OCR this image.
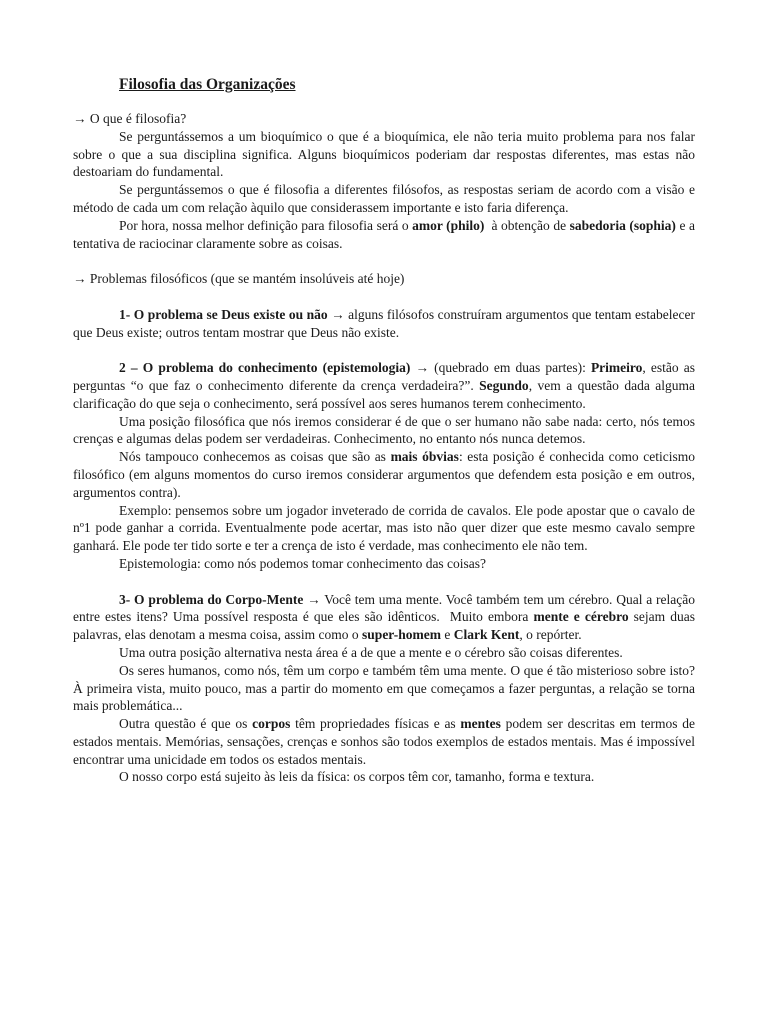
Filosofia das Organizações

→ O que é filosofia?

Se perguntássemos a um bioquímico o que é a bioquímica, ele não teria muito problema para nos falar sobre o que a sua disciplina significa. Alguns bioquímicos poderiam dar respostas diferentes, mas estas não destoariam do fundamental.

Se perguntássemos o que é filosofia a diferentes filósofos, as respostas seriam de acordo com a visão e método de cada um com relação àquilo que considerassem importante e isto faria diferença.

Por hora, nossa melhor definição para filosofia será o amor (philo)  à obtenção de sabedoria (sophia) e a tentativa de raciocinar claramente sobre as coisas.

→ Problemas filosóficos (que se mantém insolúveis até hoje)

1- O problema se Deus existe ou não → alguns filósofos construíram argumentos que tentam estabelecer que Deus existe; outros tentam mostrar que Deus não existe.

2 – O problema do conhecimento (epistemologia) → (quebrado em duas partes): Primeiro, estão as perguntas “o que faz o conhecimento diferente da crença verdadeira?”. Segundo, vem a questão dada alguma clarificação do que seja o conhecimento, será possível aos seres humanos terem conhecimento.

Uma posição filosófica que nós iremos considerar é de que o ser humano não sabe nada: certo, nós temos crenças e algumas delas podem ser verdadeiras. Conhecimento, no entanto nós nunca detemos.

Nós tampouco conhecemos as coisas que são as mais óbvias: esta posição é conhecida como ceticismo filosófico (em alguns momentos do curso iremos considerar argumentos que defendem esta posição e em outros, argumentos contra).

Exemplo: pensemos sobre um jogador inveterado de corrida de cavalos. Ele pode apostar que o cavalo de nº1 pode ganhar a corrida. Eventualmente pode acertar, mas isto não quer dizer que este mesmo cavalo sempre ganhará. Ele pode ter tido sorte e ter a crença de isto é verdade, mas conhecimento ele não tem.

Epistemologia: como nós podemos tomar conhecimento das coisas?

3- O problema do Corpo-Mente → Você tem uma mente. Você também tem um cérebro. Qual a relação entre estes itens? Uma possível resposta é que eles são idênticos.  Muito embora mente e cérebro sejam duas palavras, elas denotam a mesma coisa, assim como o super-homem e Clark Kent, o repórter.

Uma outra posição alternativa nesta área é a de que a mente e o cérebro são coisas diferentes.

Os seres humanos, como nós, têm um corpo e também têm uma mente. O que é tão misterioso sobre isto? À primeira vista, muito pouco, mas a partir do momento em que começamos a fazer perguntas, a relação se torna mais problemática...

Outra questão é que os corpos têm propriedades físicas e as mentes podem ser descritas em termos de estados mentais. Memórias, sensações, crenças e sonhos são todos exemplos de estados mentais. Mas é impossível encontrar uma unicidade em todos os estados mentais.

O nosso corpo está sujeito às leis da física: os corpos têm cor, tamanho, forma e textura.
